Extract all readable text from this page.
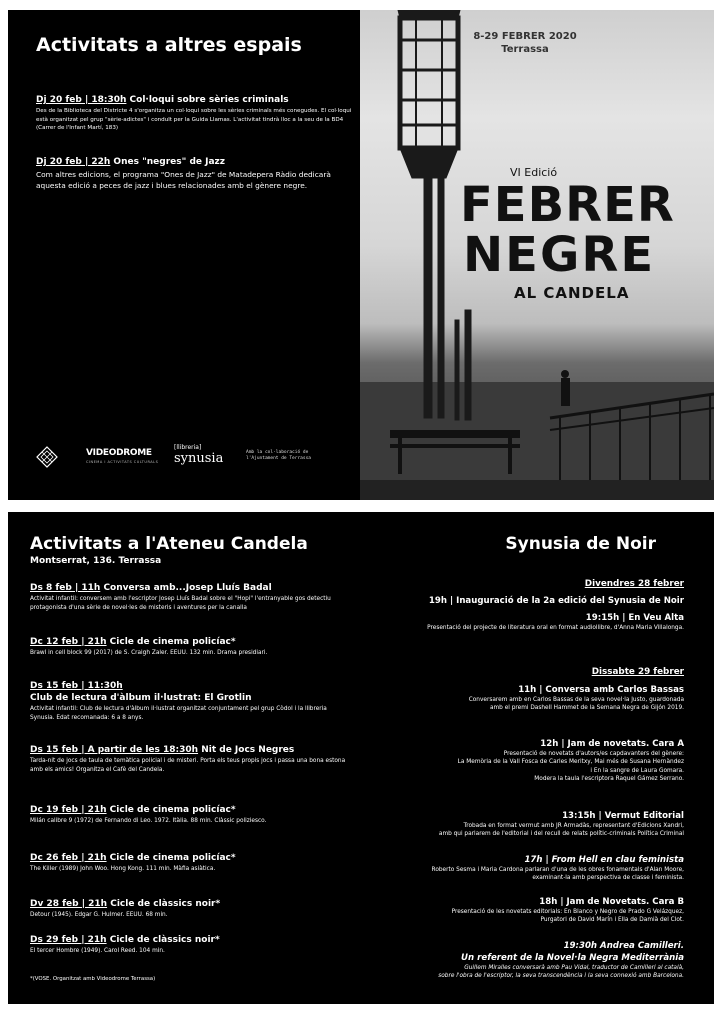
Activitats a altres espais
Dj 20 feb | 18:30h Col·loqui sobre sèries criminals
Des de la Biblioteca del Districte 4 s'organitza un col·loqui sobre les sèries criminals més conegudes. El col·loqui està organitzat pel grup "sèrie-adictes" i conduït per la Guida Llamas. L'activitat tindrà lloc a la seu de la BD4 (Carrer de l'Infant Martí, 183)
Dj 20 feb | 22h Ones "negres" de Jazz
Com altres edicions, el programa "Ones de Jazz" de Matadepera Ràdio dedicarà aquesta edició a peces de jazz i blues relacionades amb el gènere negre.
VIDEODROME
CINEMA I ACTIVITATS CULTURALS
[llibreria]
synusia	Amb la col·laboració de l'Ajuntament de Terrassa
8-29 FEBRER 2020
Terrassa
VI Edició
FEBRER
NEGRE
AL CANDELA
Activitats a l'Ateneu Candela
Montserrat, 136. Terrassa
Ds 8 feb | 11h Conversa amb...Josep Lluís Badal
Activitat infantil: conversem amb l'escriptor Josep Lluís Badal sobre el "Hopi" l'entranyable gos detectiu protagonista d'una sèrie de novel·les de misteris i aventures per la canalla
Dc 12 feb | 21h Cicle de cinema policíac*
Brawl in cell block 99 (2017) de S. Craigh Zaler. EEUU. 132 min. Drama presidiari.
Ds 15 feb | 11:30h
Club de lectura d'àlbum il·lustrat: El Grotlin
Activitat infantil: Club de lectura d'àlbum il·lustrat organitzat conjuntament pel grup Còdol i la llibreria Synusia. Edat recomanada: 6 a 8 anys.
Ds 15 feb | A partir de les 18:30h Nit de Jocs Negres
Tarda-nit de jocs de taula de temàtica policial i de misteri. Porta els teus propis jocs i passa una bona estona amb els amics! Organitza el Cafè del Candela.
Dc 19 feb | 21h Cicle de cinema policíac*
Milán calibre 9 (1972) de Fernando di Leo. 1972. Itàlia. 88 min. Clàssic poliziesco.
Dc 26 feb | 21h Cicle de cinema policíac*
The Killer (1989) John Woo. Hong Kong. 111 min. Màfia asiàtica.
Dv 28 feb | 21h Cicle de clàssics noir*
Detour (1945). Edgar G. Hulmer. EEUU. 68 min.
Ds 29 feb | 21h Cicle de clàssics noir*
El tercer Hombre (1949). Carol Reed. 104 min.
*(VOSE. Organitzat amb Videodrome Terrassa)
Synusia de Noir
Divendres 28 febrer
19h | Inauguració de la 2a edició del Synusia de Noir
19:15h | En Veu Alta
Presentació del projecte de literatura oral en format audiollibre, d'Anna Maria Villalonga.
Dissabte 29 febrer
11h | Conversa amb Carlos Bassas
Conversarem amb en Carlos Bassas de la seva novel·la Justo, guardonada
amb el premi Dashell Hammet de la Semana Negra de Gijón 2019.
12h | Jam de novetats. Cara A
Presentació de novetats d'autors/es capdavanters del gènere:
La Memòria de la Vall Fosca de Carles Meritxy, Mai més de Susana Hernàndez
i En la sangre de Laura Gomara.
Modera la taula l'escriptora Raquel Gámez Serrano.
13:15h | Vermut Editorial
Trobada en format vermut amb JR Armadàs, representant d'Edicions Xandri,
amb qui parlarem de l'editorial i del recull de relats polític-criminals Política Criminal
17h | From Hell en clau feminista
Roberto Sesma i Maria Cardona parlaran d'una de les obres fonamentals d'Alan Moore,
examinant-la amb perspectiva de classe i feminista.
18h | Jam de Novetats. Cara B
Presentació de les novetats editorials: En Blanco y Negro de Prado G Velázquez,
Purgatori de David Marín i Ella de Damià del Clot.
19:30h Andrea Camilleri.
Un referent de la Novel·la Negra Mediterrània
Guillem Miralles conversarà amb Pau Vidal, traductor de Camilleri al català,
sobre l'obra de l'escriptor, la seva transcendència i la seva connexió amb Barcelona.
